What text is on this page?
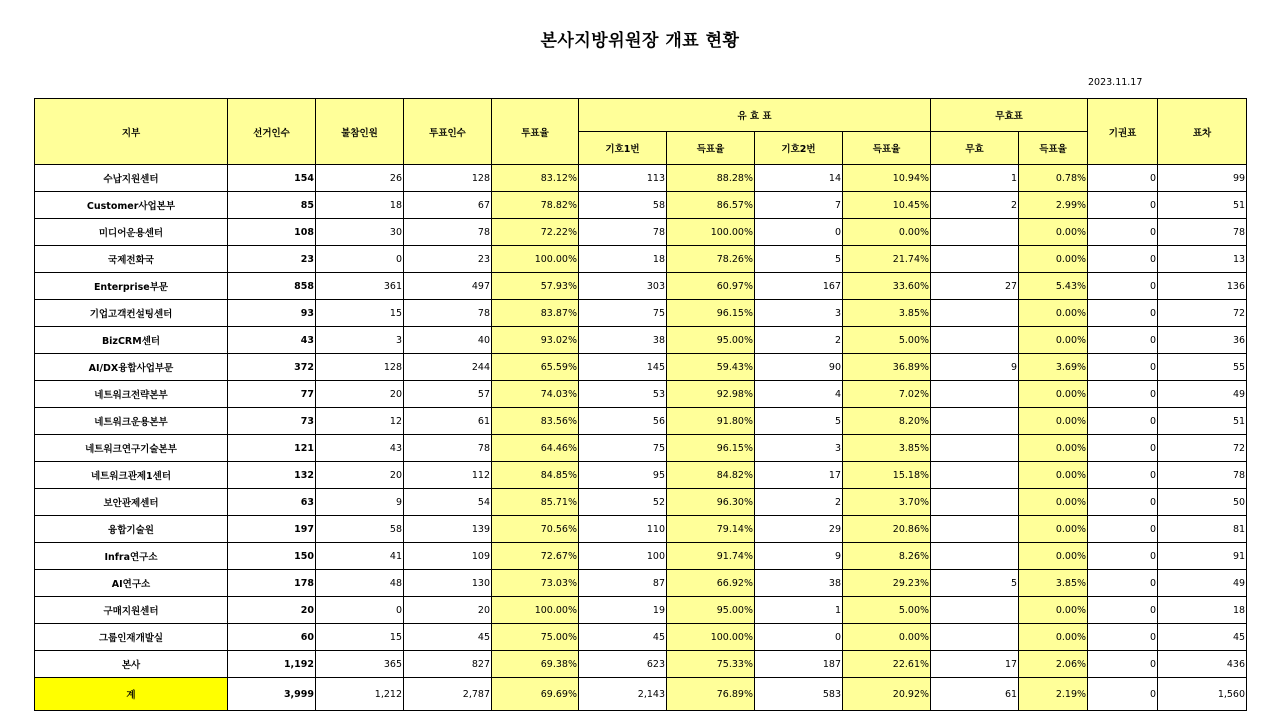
본사지방위원장 개표 현황
2023.11.17
지부	선거인수	불참인원	투표인수	투표율	유 효 표				무효표		기권표	표차
					기호1번	득표율	기호2번	득표율	무효	득표율		
수납지원센터	154	26	128	83.12%	113	88.28%	14	10.94%	1	0.78%	0	99
Customer사업본부	85	18	67	78.82%	58	86.57%	7	10.45%	2	2.99%	0	51
미디어운용센터	108	30	78	72.22%	78	100.00%	0	0.00%		0.00%	0	78
국제전화국	23	0	23	100.00%	18	78.26%	5	21.74%		0.00%	0	13
Enterprise부문	858	361	497	57.93%	303	60.97%	167	33.60%	27	5.43%	0	136
기업고객컨설팅센터	93	15	78	83.87%	75	96.15%	3	3.85%		0.00%	0	72
BizCRM센터	43	3	40	93.02%	38	95.00%	2	5.00%		0.00%	0	36
AI/DX융합사업부문	372	128	244	65.59%	145	59.43%	90	36.89%	9	3.69%	0	55
네트워크전략본부	77	20	57	74.03%	53	92.98%	4	7.02%		0.00%	0	49
네트워크운용본부	73	12	61	83.56%	56	91.80%	5	8.20%		0.00%	0	51
네트워크연구기술본부	121	43	78	64.46%	75	96.15%	3	3.85%		0.00%	0	72
네트워크관제1센터	132	20	112	84.85%	95	84.82%	17	15.18%		0.00%	0	78
보안관제센터	63	9	54	85.71%	52	96.30%	2	3.70%		0.00%	0	50
융합기술원	197	58	139	70.56%	110	79.14%	29	20.86%		0.00%	0	81
Infra연구소	150	41	109	72.67%	100	91.74%	9	8.26%		0.00%	0	91
AI연구소	178	48	130	73.03%	87	66.92%	38	29.23%	5	3.85%	0	49
구매지원센터	20	0	20	100.00%	19	95.00%	1	5.00%		0.00%	0	18
그룹인재개발실	60	15	45	75.00%	45	100.00%	0	0.00%		0.00%	0	45
본사	1,192	365	827	69.38%	623	75.33%	187	22.61%	17	2.06%	0	436
계	3,999	1,212	2,787	69.69%	2,143	76.89%	583	20.92%	61	2.19%	0	1,560
